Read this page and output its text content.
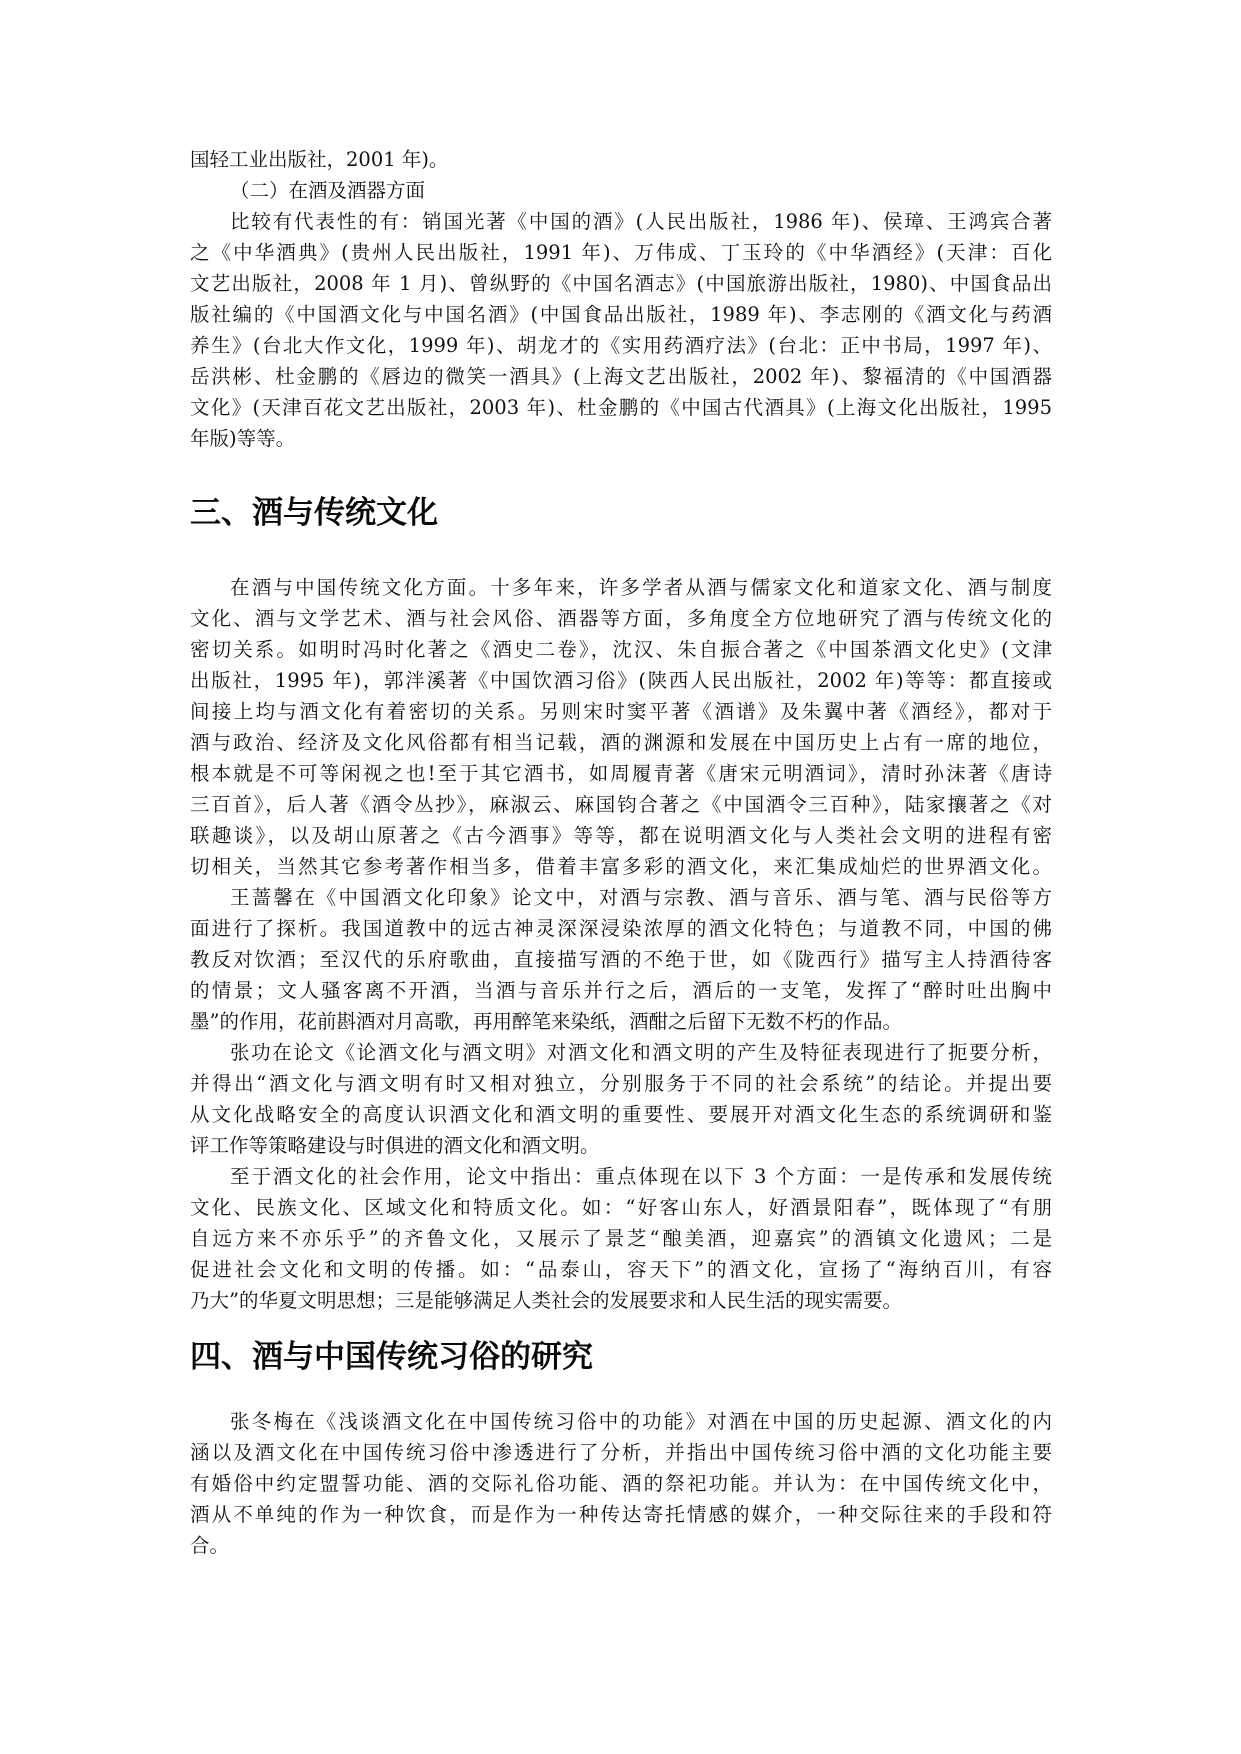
国轻工业出版社，2001 年)。
（二）在酒及酒器方面
比较有代表性的有：销国光著《中国的酒》(人民出版社，1986 年)、侯璋、王鸿宾合著
之《中华酒典》(贵州人民出版社，1991 年)、万伟成、丁玉玲的《中华酒经》(天津：百化
文艺出版社，2008 年 1 月)、曾纵野的《中国名酒志》(中国旅游出版社，1980)、中国食品出
版社编的《中国酒文化与中国名酒》(中国食品出版社，1989 年)、李志刚的《酒文化与药酒
养生》(台北大作文化，1999 年)、胡龙才的《实用药酒疗法》(台北：正中书局，1997 年)、
岳洪彬、杜金鹏的《唇边的微笑一酒具》(上海文艺出版社，2002 年)、黎福清的《中国酒器
文化》(天津百花文艺出版社，2003 年)、杜金鹏的《中国古代酒具》(上海文化出版社，1995
年版)等等。
三、酒与传统文化
在酒与中国传统文化方面。十多年来，许多学者从酒与儒家文化和道家文化、酒与制度
文化、酒与文学艺术、酒与社会风俗、酒器等方面，多角度全方位地研究了酒与传统文化的
密切关系。如明时冯时化著之《酒史二卷》，沈汉、朱自振合著之《中国茶酒文化史》(文津
出版社，1995 年)，郭泮溪著《中国饮酒习俗》(陕西人民出版社，2002 年)等等：都直接或
间接上均与酒文化有着密切的关系。另则宋时窦平著《酒谱》及朱翼中著《酒经》，都对于
酒与政治、经济及文化风俗都有相当记载，酒的渊源和发展在中国历史上占有一席的地位，
根本就是不可等闲视之也!至于其它酒书，如周履青著《唐宋元明酒词》，清时孙沫著《唐诗
三百首》，后人著《酒令丛抄》，麻淑云、麻国钧合著之《中国酒令三百种》，陆家攘著之《对
联趣谈》，以及胡山原著之《古今酒事》等等，都在说明酒文化与人类社会文明的进程有密
切相关，当然其它参考著作相当多，借着丰富多彩的酒文化，来汇集成灿烂的世界酒文化。
王蔷馨在《中国酒文化印象》论文中，对酒与宗教、酒与音乐、酒与笔、酒与民俗等方
面进行了探析。我国道教中的远古神灵深深浸染浓厚的酒文化特色；与道教不同，中国的佛
教反对饮酒；至汉代的乐府歌曲，直接描写酒的不绝于世，如《陇西行》描写主人持酒待客
的情景；文人骚客离不开酒，当酒与音乐并行之后，酒后的一支笔，发挥了“醉时吐出胸中
墨”的作用，花前斟酒对月高歌，再用醉笔来染纸，酒酣之后留下无数不朽的作品。
张功在论文《论酒文化与酒文明》对酒文化和酒文明的产生及特征表现进行了扼要分析，
并得出“酒文化与酒文明有时又相对独立，分别服务于不同的社会系统”的结论。并提出要
从文化战略安全的高度认识酒文化和酒文明的重要性、要展开对酒文化生态的系统调研和鉴
评工作等策略建设与时俱进的酒文化和酒文明。
至于酒文化的社会作用，论文中指出：重点体现在以下 3 个方面：一是传承和发展传统
文化、民族文化、区域文化和特质文化。如：“好客山东人，好酒景阳春”，既体现了“有朋
自远方来不亦乐乎”的齐鲁文化，又展示了景芝“酿美酒，迎嘉宾”的酒镇文化遗风；二是
促进社会文化和文明的传播。如：“品泰山，容天下”的酒文化，宣扬了“海纳百川，有容
乃大”的华夏文明思想；三是能够满足人类社会的发展要求和人民生活的现实需要。
四、酒与中国传统习俗的研究
张冬梅在《浅谈酒文化在中国传统习俗中的功能》对酒在中国的历史起源、酒文化的内
涵以及酒文化在中国传统习俗中渗透进行了分析，并指出中国传统习俗中酒的文化功能主要
有婚俗中约定盟誓功能、酒的交际礼俗功能、酒的祭祀功能。并认为：在中国传统文化中，
酒从不单纯的作为一种饮食，而是作为一种传达寄托情感的媒介，一种交际往来的手段和符
合。
